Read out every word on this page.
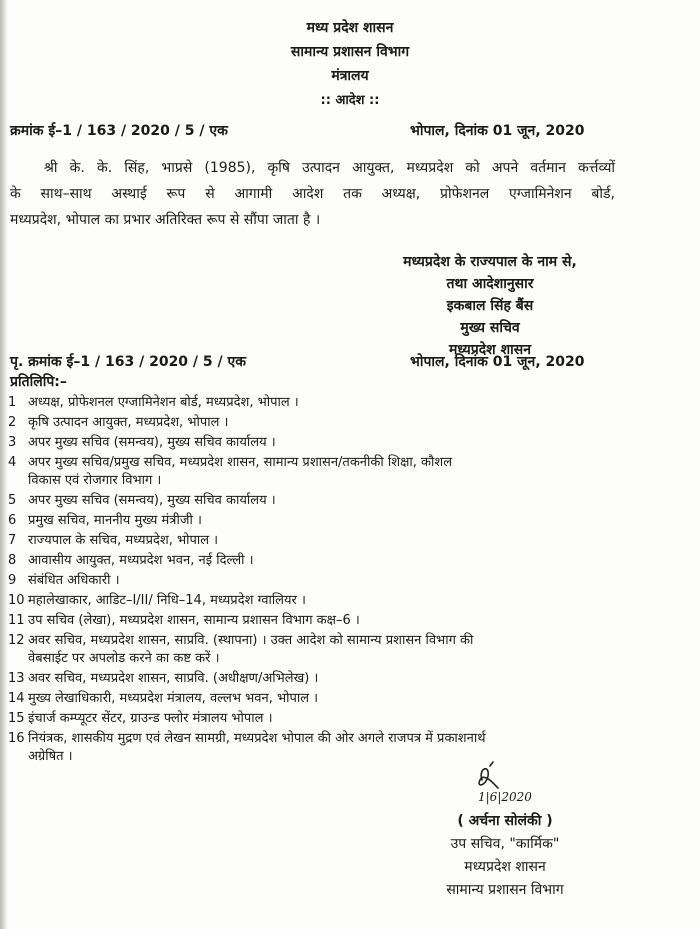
मध्य प्रदेश शासन
सामान्य प्रशासन विभाग
मंत्रालय
:: आदेश ::
क्रमांक ई–1 / 163 / 2020 / 5 / एक	भोपाल, दिनांक 01 जून, 2020
श्री के. के. सिंह, भाप्रसे (1985), कृषि उत्पादन आयुक्त, मध्यप्रदेश को अपने वर्तमान कर्त्तव्यों
के साथ–साथ अस्थाई रूप से आगामी आदेश तक अध्यक्ष, प्रोफेशनल एग्जामिनेशन बोर्ड,
मध्यप्रदेश, भोपाल का प्रभार अतिरिक्त रूप से सौंपा जाता है ।
मध्यप्रदेश के राज्यपाल के नाम से,
तथा आदेशानुसार
इकबाल सिंह बैंस
मुख्य सचिव
मध्यप्रदेश शासन
पृ. क्रमांक ई–1 / 163 / 2020 / 5 / एक	भोपाल, दिनांक 01 जून, 2020
प्रतिलिपि:–
1 अध्यक्ष, प्रोफेशनल एग्जामिनेशन बोर्ड, मध्यप्रदेश, भोपाल ।
2 कृषि उत्पादन आयुक्त, मध्यप्रदेश, भोपाल ।
3 अपर मुख्य सचिव (समन्वय), मुख्य सचिव कार्यालय ।
4 अपर मुख्य सचिव/प्रमुख सचिव, मध्यप्रदेश शासन, सामान्य प्रशासन/तकनीकी शिक्षा, कौशल
विकास एवं रोजगार विभाग ।
5 अपर मुख्य सचिव (समन्वय), मुख्य सचिव कार्यालय ।
6 प्रमुख सचिव, माननीय मुख्य मंत्रीजी ।
7 राज्यपाल के सचिव, मध्यप्रदेश, भोपाल ।
8 आवासीय आयुक्त, मध्यप्रदेश भवन, नई दिल्ली ।
9 संबंधित अधिकारी ।
10 महालेखाकार, आडिट–I/II/ निधि–14, मध्यप्रदेश ग्वालियर ।
11 उप सचिव (लेखा), मध्यप्रदेश शासन, सामान्य प्रशासन विभाग कक्ष–6 ।
12 अवर सचिव, मध्यप्रदेश शासन, साप्रवि. (स्थापना) । उक्त आदेश को सामान्य प्रशासन विभाग की
वेबसाईट पर अपलोड करने का कष्ट करें ।
13 अवर सचिव, मध्यप्रदेश शासन, साप्रवि. (अधीक्षण/अभिलेख) ।
14 मुख्य लेखाधिकारी, मध्यप्रदेश मंत्रालय, वल्लभ भवन, भोपाल ।
15 इंचार्ज कम्प्यूटर सेंटर, ग्राउन्ड फ्लोर मंत्रालय भोपाल ।
16 नियंत्रक, शासकीय मुद्रण एवं लेखन सामग्री, मध्यप्रदेश भोपाल की ओर अगले राजपत्र में प्रकाशनार्थ
अग्रेषित ।
1|6|2020
( अर्चना सोलंकी )
उप सचिव, "कार्मिक"
मध्यप्रदेश शासन
सामान्य प्रशासन विभाग
